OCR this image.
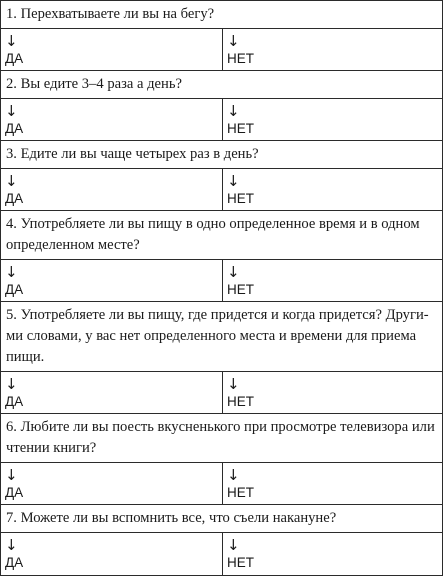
1. Перехватываете ли вы на бегу?
↓
ДА
↓
НЕТ
2. Вы едите 3–4 раза а день?
↓
ДА
↓
НЕТ
3. Едите ли вы чаще четырех раз в день?
↓
ДА
↓
НЕТ
4. Употребляете ли вы пищу в одно определенное время и в одном определенном месте?
↓
ДА
↓
НЕТ
5. Употребляете ли вы пищу, где придется и когда придется? Другими словами, у вас нет определенного места и времени для приема пищи.
↓
ДА
↓
НЕТ
6. Любите ли вы поесть вкусненького при просмотре телевизора или чтении книги?
↓
ДА
↓
НЕТ
7. Можете ли вы вспомнить все, что съели накануне?
↓
ДА
↓
НЕТ
